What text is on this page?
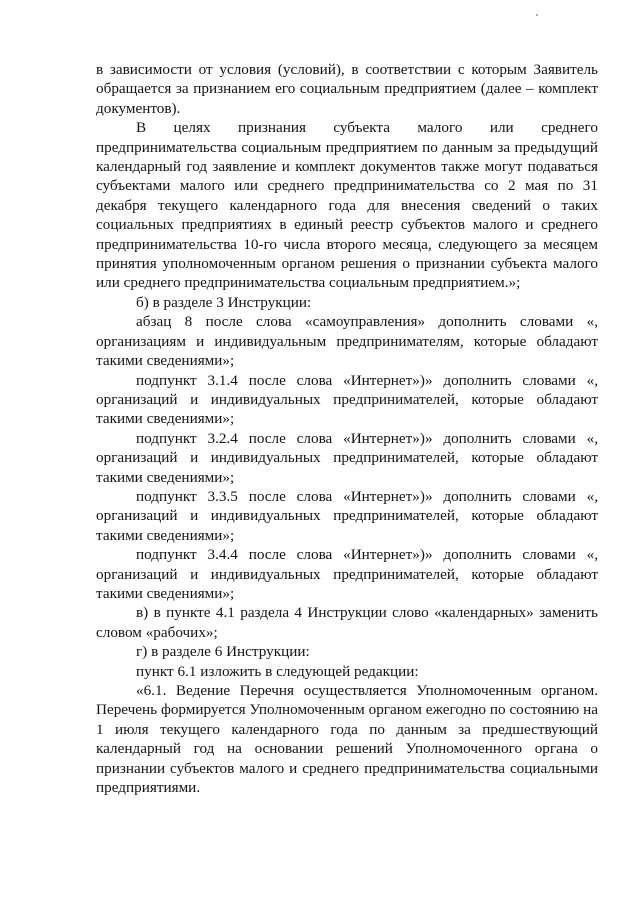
в зависимости от условия (условий), в соответствии с которым Заявитель обращается за признанием его социальным предприятием (далее – комплект документов).

В целях признания субъекта малого или среднего предпринимательства социальным предприятием по данным за предыдущий календарный год заявление и комплект документов также могут подаваться субъектами малого или среднего предпринимательства со 2 мая по 31 декабря текущего календарного года для внесения сведений о таких социальных предприятиях в единый реестр субъектов малого и среднего предпринимательства 10-го числа второго месяца, следующего за месяцем принятия уполномоченным органом решения о признании субъекта малого или среднего предпринимательства социальным предприятием.»;

б) в разделе 3 Инструкции:

абзац 8 после слова «самоуправления» дополнить словами «, организациям и индивидуальным предпринимателям, которые обладают такими сведениями»;

подпункт 3.1.4 после слова «Интернет»)» дополнить словами «, организаций и индивидуальных предпринимателей, которые обладают такими сведениями»;

подпункт 3.2.4 после слова «Интернет»)» дополнить словами «, организаций и индивидуальных предпринимателей, которые обладают такими сведениями»;

подпункт 3.3.5 после слова «Интернет»)» дополнить словами «, организаций и индивидуальных предпринимателей, которые обладают такими сведениями»;

подпункт 3.4.4 после слова «Интернет»)» дополнить словами «, организаций и индивидуальных предпринимателей, которые обладают такими сведениями»;

в) в пункте 4.1 раздела 4 Инструкции слово «календарных» заменить словом «рабочих»;

г) в разделе 6 Инструкции:

пункт 6.1 изложить в следующей редакции:

«6.1. Ведение Перечня осуществляется Уполномоченным органом. Перечень формируется Уполномоченным органом ежегодно по состоянию на 1 июля текущего календарного года по данным за предшествующий календарный год на основании решений Уполномоченного органа о признании субъектов малого и среднего предпринимательства социальными предприятиями.
